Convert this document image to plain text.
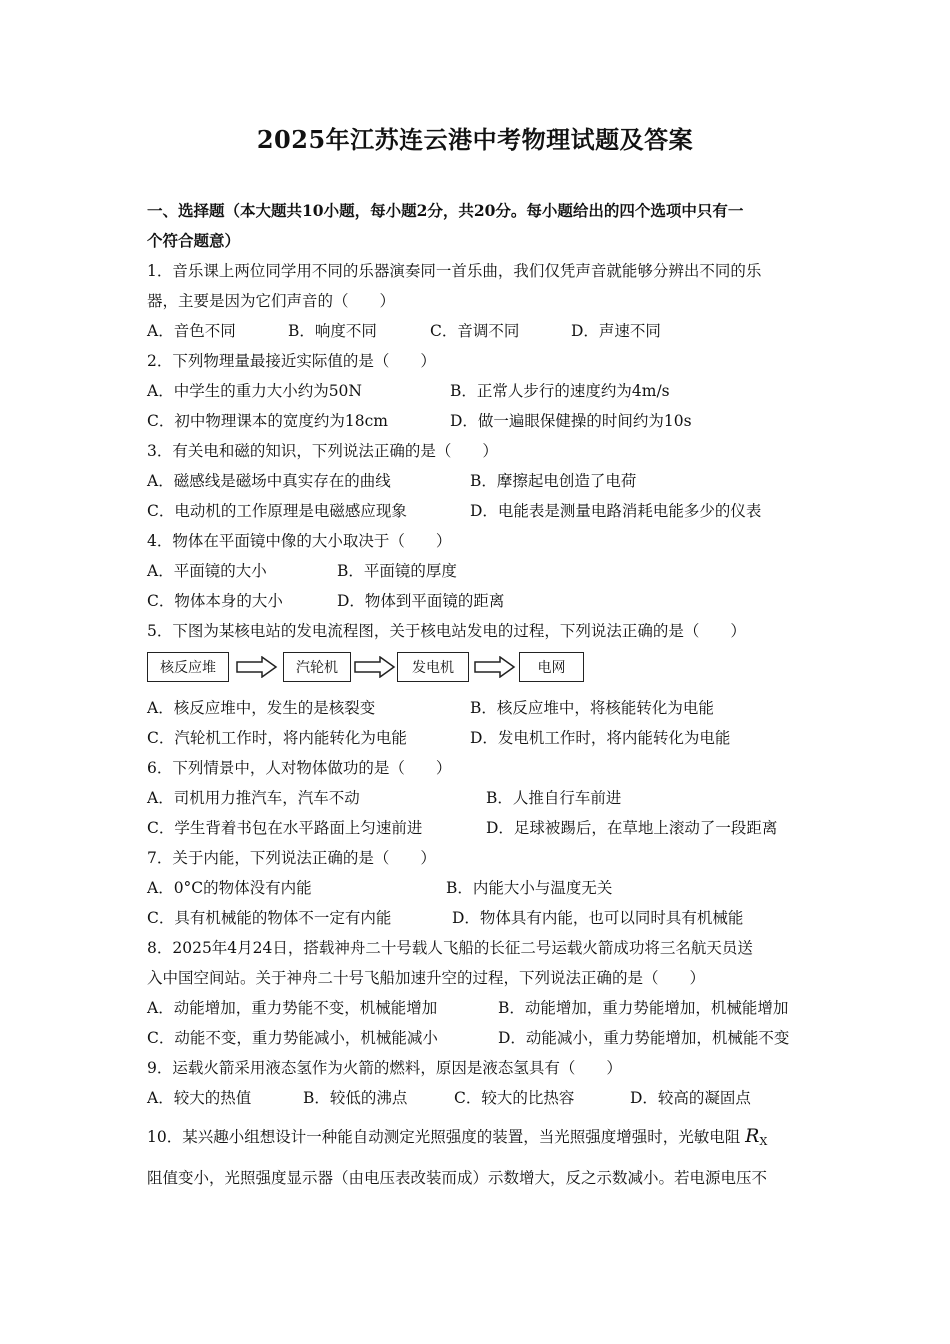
2025年江苏连云港中考物理试题及答案
一、选择题（本大题共10小题，每小题2分，共20分。每小题给出的四个选项中只有一
个符合题意）
1．音乐课上两位同学用不同的乐器演奏同一首乐曲，我们仅凭声音就能够分辨出不同的乐
器，主要是因为它们声音的（　　）
A．音色不同	B．响度不同	C．音调不同	D．声速不同
2．下列物理量最接近实际值的是（　　）
A．中学生的重力大小约为50N	B．正常人步行的速度约为4m/s
C．初中物理课本的宽度约为18cm	D．做一遍眼保健操的时间约为10s
3．有关电和磁的知识，下列说法正确的是（　　）
A．磁感线是磁场中真实存在的曲线	B．摩擦起电创造了电荷
C．电动机的工作原理是电磁感应现象	D．电能表是测量电路消耗电能多少的仪表
4．物体在平面镜中像的大小取决于（　　）
A．平面镜的大小	B．平面镜的厚度
C．物体本身的大小	D．物体到平面镜的距离
5．下图为某核电站的发电流程图，关于核电站发电的过程，下列说法正确的是（　　）
核反应堆	汽轮机	发电机	电网
A．核反应堆中，发生的是核裂变	B．核反应堆中，将核能转化为电能
C．汽轮机工作时，将内能转化为电能	D．发电机工作时，将内能转化为电能
6．下列情景中，人对物体做功的是（　　）
A．司机用力推汽车，汽车不动	B．人推自行车前进
C．学生背着书包在水平路面上匀速前进	D．足球被踢后，在草地上滚动了一段距离
7．关于内能，下列说法正确的是（　　）
A．0°C的物体没有内能	B．内能大小与温度无关
C．具有机械能的物体不一定有内能	D．物体具有内能，也可以同时具有机械能
8．2025年4月24日，搭载神舟二十号载人飞船的长征二号运载火箭成功将三名航天员送
入中国空间站。关于神舟二十号飞船加速升空的过程，下列说法正确的是（　　）
A．动能增加，重力势能不变，机械能增加	B．动能增加，重力势能增加，机械能增加
C．动能不变，重力势能减小，机械能减小	D．动能减小，重力势能增加，机械能不变
9．运载火箭采用液态氢作为火箭的燃料，原因是液态氢具有（　　）
A．较大的热值	B．较低的沸点	C．较大的比热容	D．较高的凝固点
10．某兴趣小组想设计一种能自动测定光照强度的装置，当光照强度增强时，光敏电阻 $R_X$
阻值变小，光照强度显示器（由电压表改装而成）示数增大，反之示数减小。若电源电压不
